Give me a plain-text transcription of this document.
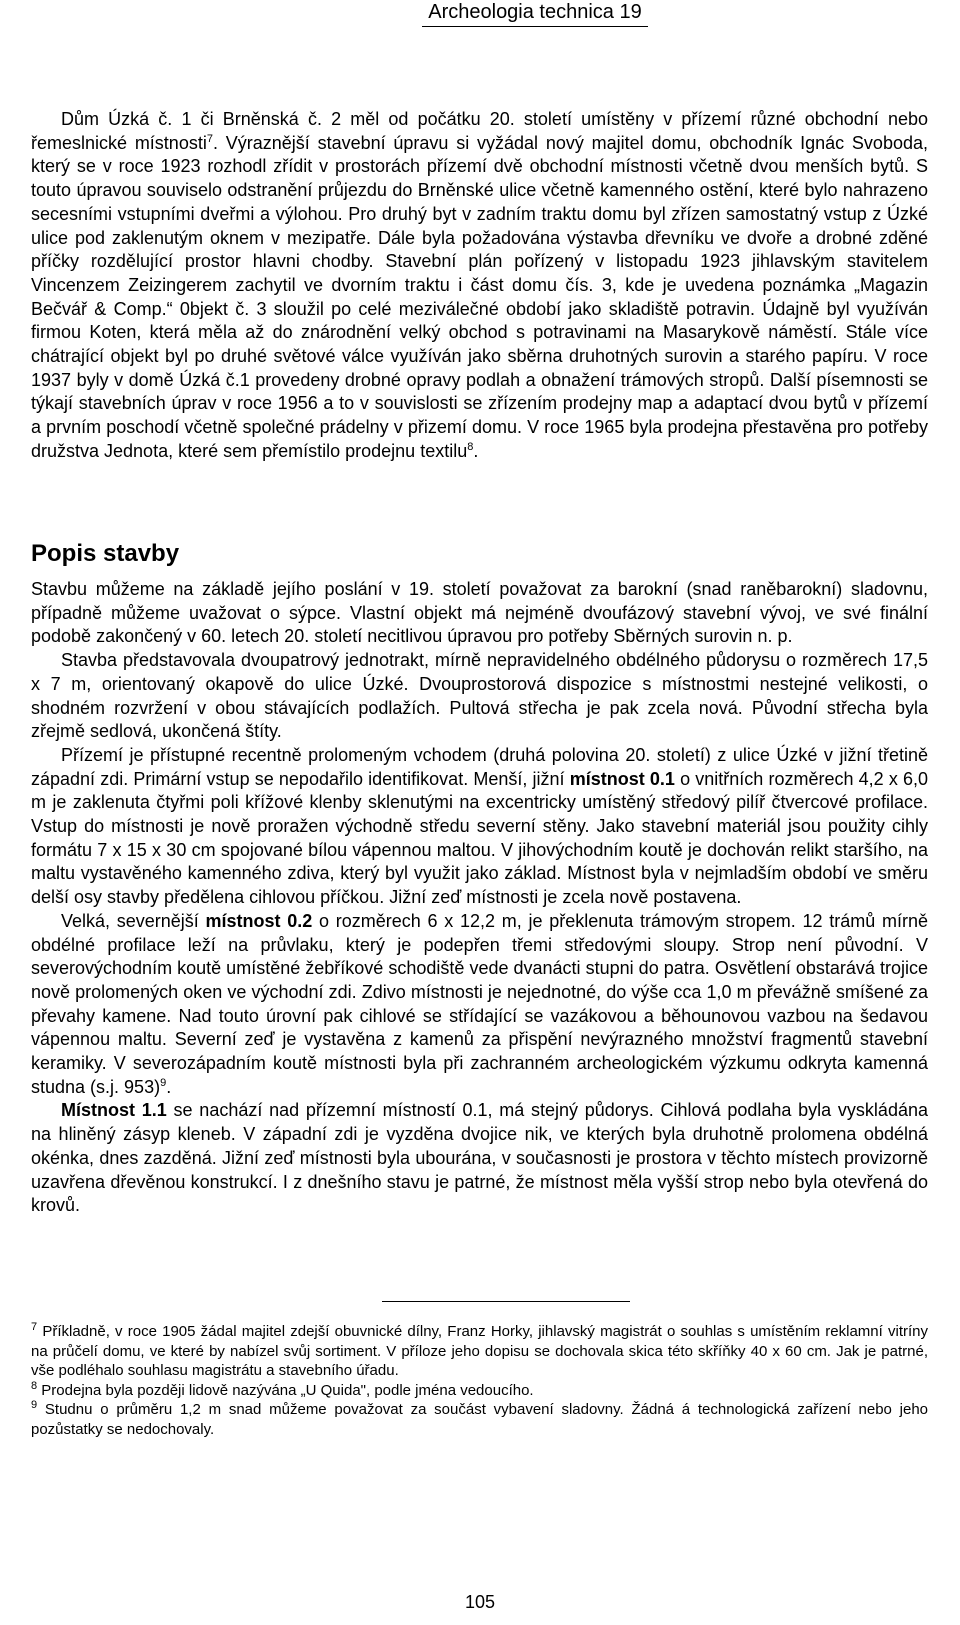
Archeologia technica 19

Dům Úzká č. 1 či Brněnská č. 2 měl od počátku 20. století umístěny v přízemí různé obchodní nebo řemeslnické místnosti$^7$. Výraznější stavební úpravu si vyžádal nový majitel domu, obchodník Ignác Svoboda, který se v roce 1923 rozhodl zřídit v prostorách přízemí dvě obchodní místnosti včetně dvou menších bytů. S touto úpravou souviselo odstranění průjezdu do Brněnské ulice včetně kamenného ostění, které bylo nahrazeno secesními vstupními dveřmi a výlohou. Pro druhý byt v zadním traktu domu byl zřízen samostatný vstup z Úzké ulice pod zaklenutým oknem v mezipatře. Dále byla požadována výstavba dřevníku ve dvoře a drobné zděné příčky rozdělující prostor hlavni chodby. Stavební plán pořízený v listopadu 1923 jihlavským stavitelem Vincenzem Zeizingerem zachytil ve dvorním traktu i část domu čís. 3, kde je uvedena poznámka „Magazin Bečvář & Comp.“ 0bjekt č. 3 sloužil po celé meziválečné období jako skladiště potravin. Údajně byl využíván firmou Koten, která měla až do znárodnění velký obchod s potravinami na Masarykově náměstí. Stále více chátrající objekt byl po druhé světové válce využíván jako sběrna druhotných surovin a starého papíru. V roce 1937 byly v domě Úzká č.1 provedeny drobné opravy podlah a obnažení trámových stropů. Další písemnosti se týkají stavebních úprav v roce 1956 a to v souvislosti se zřízením prodejny map a adaptací dvou bytů v přízemí a prvním poschodí včetně společné prádelny v přizemí domu. V roce 1965 byla prodejna přestavěna pro potřeby družstva Jednota, které sem přemístilo prodejnu textilu$^8$.

Popis stavby

Stavbu můžeme na základě jejího poslání v 19. století považovat za barokní (snad raněbarokní) sladovnu, případně můžeme uvažovat o sýpce. Vlastní objekt má nejméně dvoufázový stavební vývoj, ve své finální podobě zakončený v 60. letech 20. století necitlivou úpravou pro potřeby Sběrných surovin n. p.

Stavba představovala dvoupatrový jednotrakt, mírně nepravidelného obdélného půdorysu o rozměrech 17,5 x 7 m, orientovaný okapově do ulice Úzké. Dvouprostorová dispozice s místnostmi nestejné velikosti, o shodném rozvržení v obou stávajících podlažích. Pultová střecha je pak zcela nová. Původní střecha byla zřejmě sedlová, ukončená štíty.

Přízemí je přístupné recentně prolomeným vchodem (druhá polovina 20. století) z ulice Úzké v jižní třetině západní zdi. Primární vstup se nepodařilo identifikovat. Menší, jižní místnost 0.1 o vnitřních rozměrech 4,2 x 6,0 m je zaklenuta čtyřmi poli křížové klenby sklenutými na excentricky umístěný středový pilíř čtvercové profilace. Vstup do místnosti je nově proražen východně středu severní stěny. Jako stavební materiál jsou použity cihly formátu 7 x 15 x 30 cm spojované bílou vápennou maltou. V jihovýchodním koutě je dochován relikt staršího, na maltu vystavěného kamenného zdiva, který byl využit jako základ. Místnost byla v nejmladším období ve směru delší osy stavby předělena cihlovou příčkou. Jižní zeď místnosti je zcela nově postavena.

Velká, severnější místnost 0.2 o rozměrech 6 x 12,2 m, je překlenuta trámovým stropem. 12 trámů mírně obdélné profilace leží na průvlaku, který je podepřen třemi středovými sloupy. Strop není původní. V severovýchodním koutě umístěné žebříkové schodiště vede dvanácti stupni do patra. Osvětlení obstarává trojice nově prolomených oken ve východní zdi. Zdivo místnosti je nejednotné, do výše cca 1,0 m převážně smíšené za převahy kamene. Nad touto úrovní pak cihlové se střídající se vazákovou a běhounovou vazbou na šedavou vápennou maltu. Severní zeď je vystavěna z kamenů za přispění nevýrazného množství fragmentů stavební keramiky. V severozápadním koutě místnosti byla při zachranném archeologickém výzkumu odkryta kamenná studna (s.j. 953)$^9$.

Místnost 1.1 se nachází nad přízemní místností 0.1, má stejný půdorys. Cihlová podlaha byla vyskládána na hliněný zásyp kleneb. V západní zdi je vyzděna dvojice nik, ve kterých byla druhotně prolomena obdélná okénka, dnes zazděná. Jižní zeď místnosti byla ubourána, v současnosti je prostora v těchto místech provizorně uzavřena dřevěnou konstrukcí. I z dnešního stavu je patrné, že místnost měla vyšší strop nebo byla otevřená do krovů.

$^7$ Příkladně, v roce 1905 žádal majitel zdejší obuvnické dílny, Franz Horky, jihlavský magistrát o souhlas s umístěním reklamní vitríny na průčelí domu, ve které by nabízel svůj sortiment. V příloze jeho dopisu se dochovala skica této skříňky 40 x 60 cm. Jak je patrné, vše podléhalo souhlasu magistrátu a stavebního úřadu.

$^8$ Prodejna byla později lidově nazývána „U Quida", podle jména vedoucího.

$^9$ Studnu o průměru 1,2 m snad můžeme považovat za součást vybavení sladovny. Žádná á technologická zařízení nebo jeho pozůstatky se nedochovaly.

105
